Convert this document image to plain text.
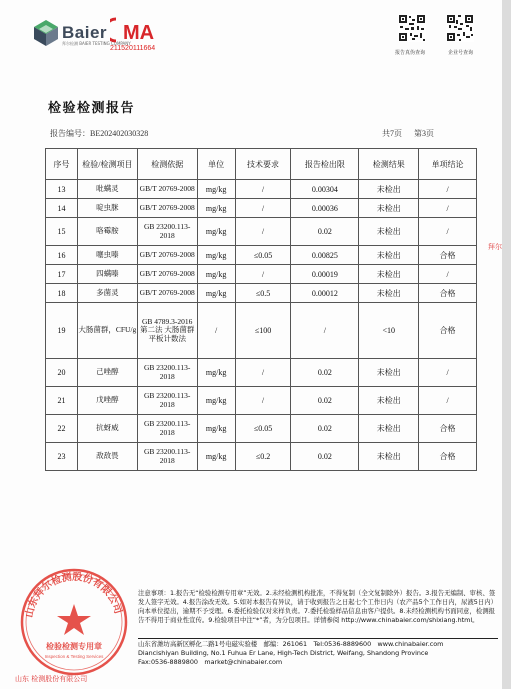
Baier
拜尔检测 BAIER TESTING COMPANY
MA
211520111664
报告真伪查询	企业号查询
检验检测报告
报告编号：BE202402030328	共7页 第3页
序号	检验/检测项目	检测依据	单位	技术要求	报告检出限	检测结果	单项结论
13	吡螨灵	GB/T 20769-2008	mg/kg	/	0.00304	未检出	/
14	啶虫脒	GB/T 20769-2008	mg/kg	/	0.00036	未检出	/
15	咯霉胺	GB 23200.113-2018	mg/kg	/	0.02	未检出	/
16	噻虫嗪	GB/T 20769-2008	mg/kg	≤0.05	0.00825	未检出	合格
17	四螨嗪	GB/T 20769-2008	mg/kg	/	0.00019	未检出	/
18	多菌灵	GB/T 20769-2008	mg/kg	≤0.5	0.00012	未检出	合格
19	大肠菌群，CFU/g	GB 4789.3-2016 第二法 大肠菌群平板计数法	/	≤100	/	<10	合格
20	己唑醇	GB 23200.113-2018	mg/kg	/	0.02	未检出	/
21	戊唑醇	GB 23200.113-2018	mg/kg	/	0.02	未检出	/
22	抗蚜威	GB 23200.113-2018	mg/kg	≤0.05	0.02	未检出	合格
23	敌敌畏	GB 23200.113-2018	mg/kg	≤0.2	0.02	未检出	合格
山东拜尔检测股份有限公司
检验检测专用章
Inspection & Testing Services
山东 检测股份有限公司
拜尔
注意事项：1.报告无“检验检测专用章”无效。2.未经检测机构批准，不得复制（全文复制除外）报告。3.报告无编制、审核、签发人签字无效。4.报告涂改无效。5.如对本报告有异议，请于收到报告之日起七个工作日内（农产品5个工作日内，尿液5日内）向本单位提出，逾期不予受理。6.委托检验仅对来样负责。7.委托检验样品信息由客户提供。8.未经检测机构书面同意，检测报告不得用于商业性宣传。9.检验项目中注“*”者，为分包项目。详情参阅 http://www.chinabaier.com/shixiang.html。
山东省潍坊高新区孵化二路1号电磁实验楼　邮编：261061　Tel:0536-8889600　www.chinabaier.com
Diancishiyan Building, No.1 Fuhua Er Lane, High-Tech District, Weifang, Shandong Province
Fax:0536-8889800　market@chinabaier.com
